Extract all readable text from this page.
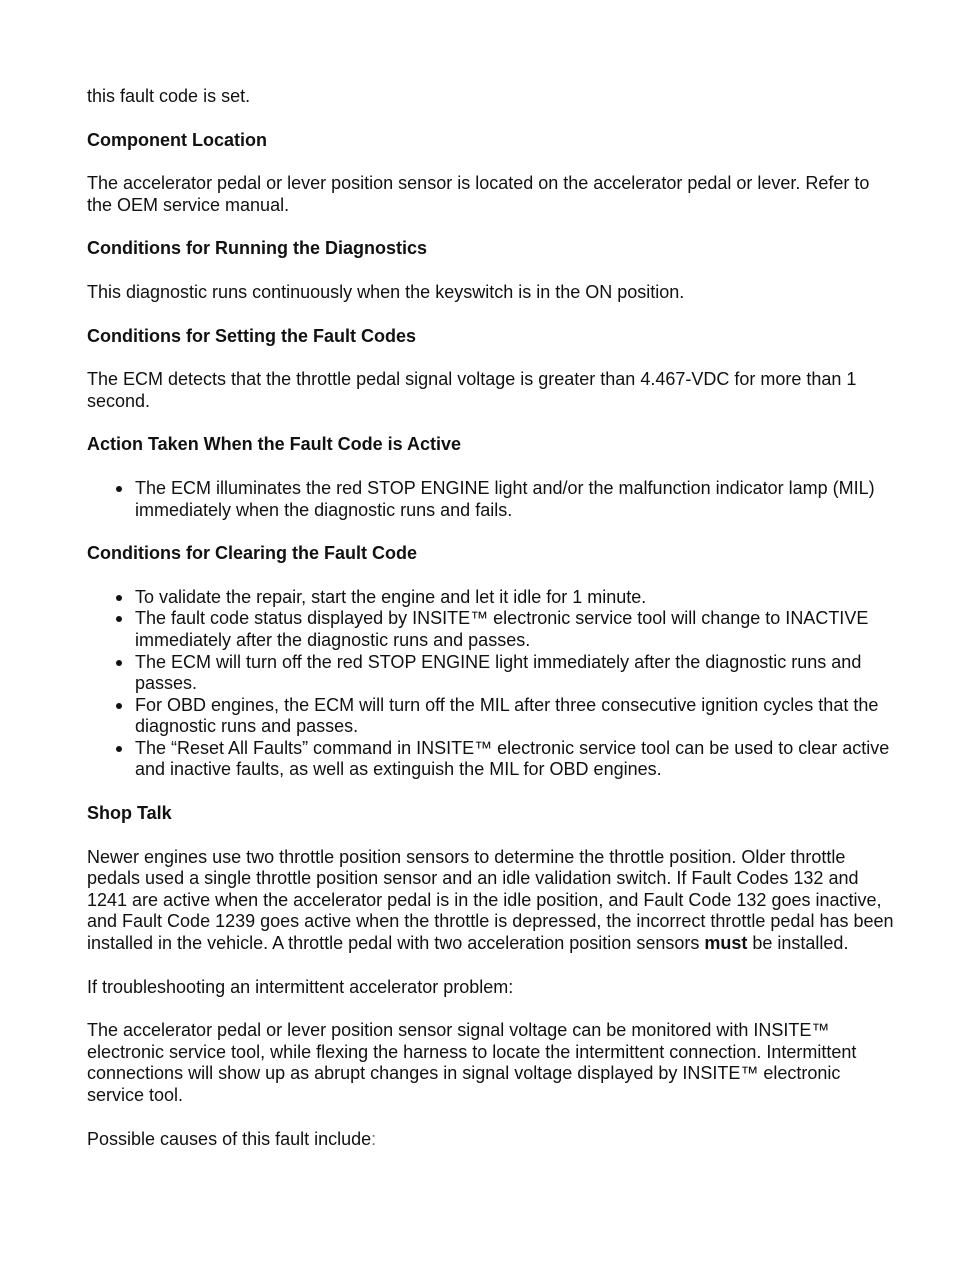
this fault code is set.

Component Location

The accelerator pedal or lever position sensor is located on the accelerator pedal or lever. Refer to the OEM service manual.

Conditions for Running the Diagnostics

This diagnostic runs continuously when the keyswitch is in the ON position.

Conditions for Setting the Fault Codes

The ECM detects that the throttle pedal signal voltage is greater than 4.467-VDC for more than 1 second.

Action Taken When the Fault Code is Active
The ECM illuminates the red STOP ENGINE light and/or the malfunction indicator lamp (MIL) immediately when the diagnostic runs and fails.
Conditions for Clearing the Fault Code
To validate the repair, start the engine and let it idle for 1 minute.
The fault code status displayed by INSITE™ electronic service tool will change to INACTIVE immediately after the diagnostic runs and passes.
The ECM will turn off the red STOP ENGINE light immediately after the diagnostic runs and passes.
For OBD engines, the ECM will turn off the MIL after three consecutive ignition cycles that the diagnostic runs and passes.
The “Reset All Faults” command in INSITE™ electronic service tool can be used to clear active and inactive faults, as well as extinguish the MIL for OBD engines.
Shop Talk

Newer engines use two throttle position sensors to determine the throttle position. Older throttle pedals used a single throttle position sensor and an idle validation switch. If Fault Codes 132 and 1241 are active when the accelerator pedal is in the idle position, and Fault Code 132 goes inactive, and Fault Code 1239 goes active when the throttle is depressed, the incorrect throttle pedal has been installed in the vehicle. A throttle pedal with two acceleration position sensors must be installed.

If troubleshooting an intermittent accelerator problem:

The accelerator pedal or lever position sensor signal voltage can be monitored with INSITE™ electronic service tool, while flexing the harness to locate the intermittent connection. Intermittent connections will show up as abrupt changes in signal voltage displayed by INSITE™ electronic service tool.

Possible causes of this fault include:
